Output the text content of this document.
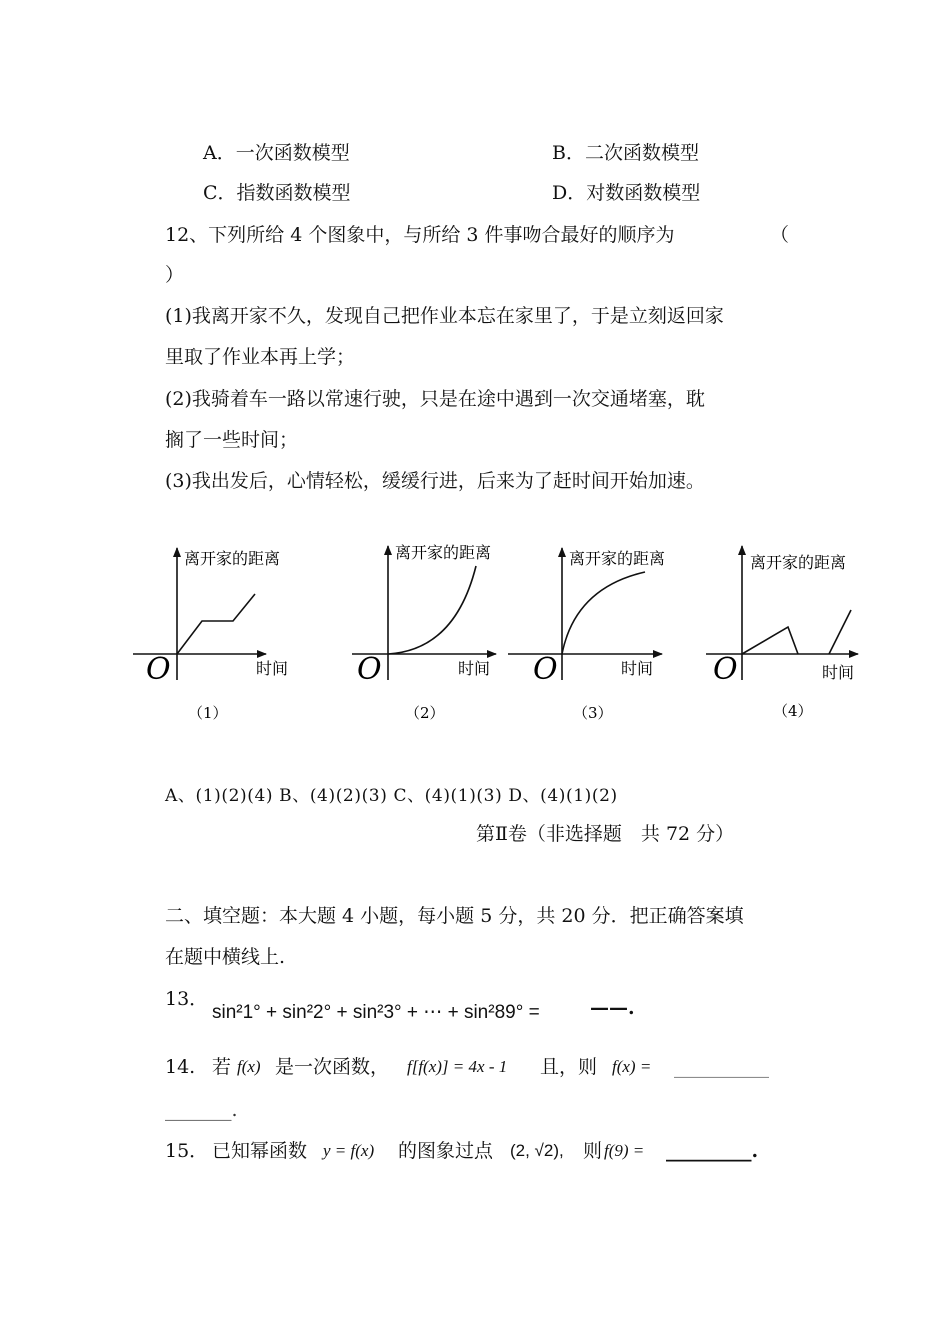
A．一次函数模型	B．二次函数模型
C．指数函数模型	D．对数函数模型
12、下列所给 4 个图象中，与所给 3 件事吻合最好的顺序为	（
）
(1)我离开家不久，发现自己把作业本忘在家里了，于是立刻返回家
里取了作业本再上学；
(2)我骑着车一路以常速行驶，只是在途中遇到一次交通堵塞，耽
搁了一些时间；
(3)我出发后，心情轻松，缓缓行进，后来为了赶时间开始加速。
离开家的距离
时间
O
（1）
离开家的距离
时间
O
（2）
离开家的距离
时间
O
（3）
离开家的距离
时间
O
（4）
A、(1)(2)(4) B、(4)(2)(3) C、(4)(1)(3) D、(4)(1)(2)
第Ⅱ卷（非选择题　共 72 分）
二、填空题：本大题 4 小题，每小题 5 分，共 20 分．把正确答案填
在题中横线上.
13．
sin²1° + sin²2° + sin²3° + ⋯ + sin²89° =	——.
14. 若 f(x) 是一次函数， f[f(x)] = 4x - 1 且，则 f(x) = __________
_______.
15． 已知幂函数 y = f(x) 的图象过点 (2, √2), 则 f(9) = _________.
